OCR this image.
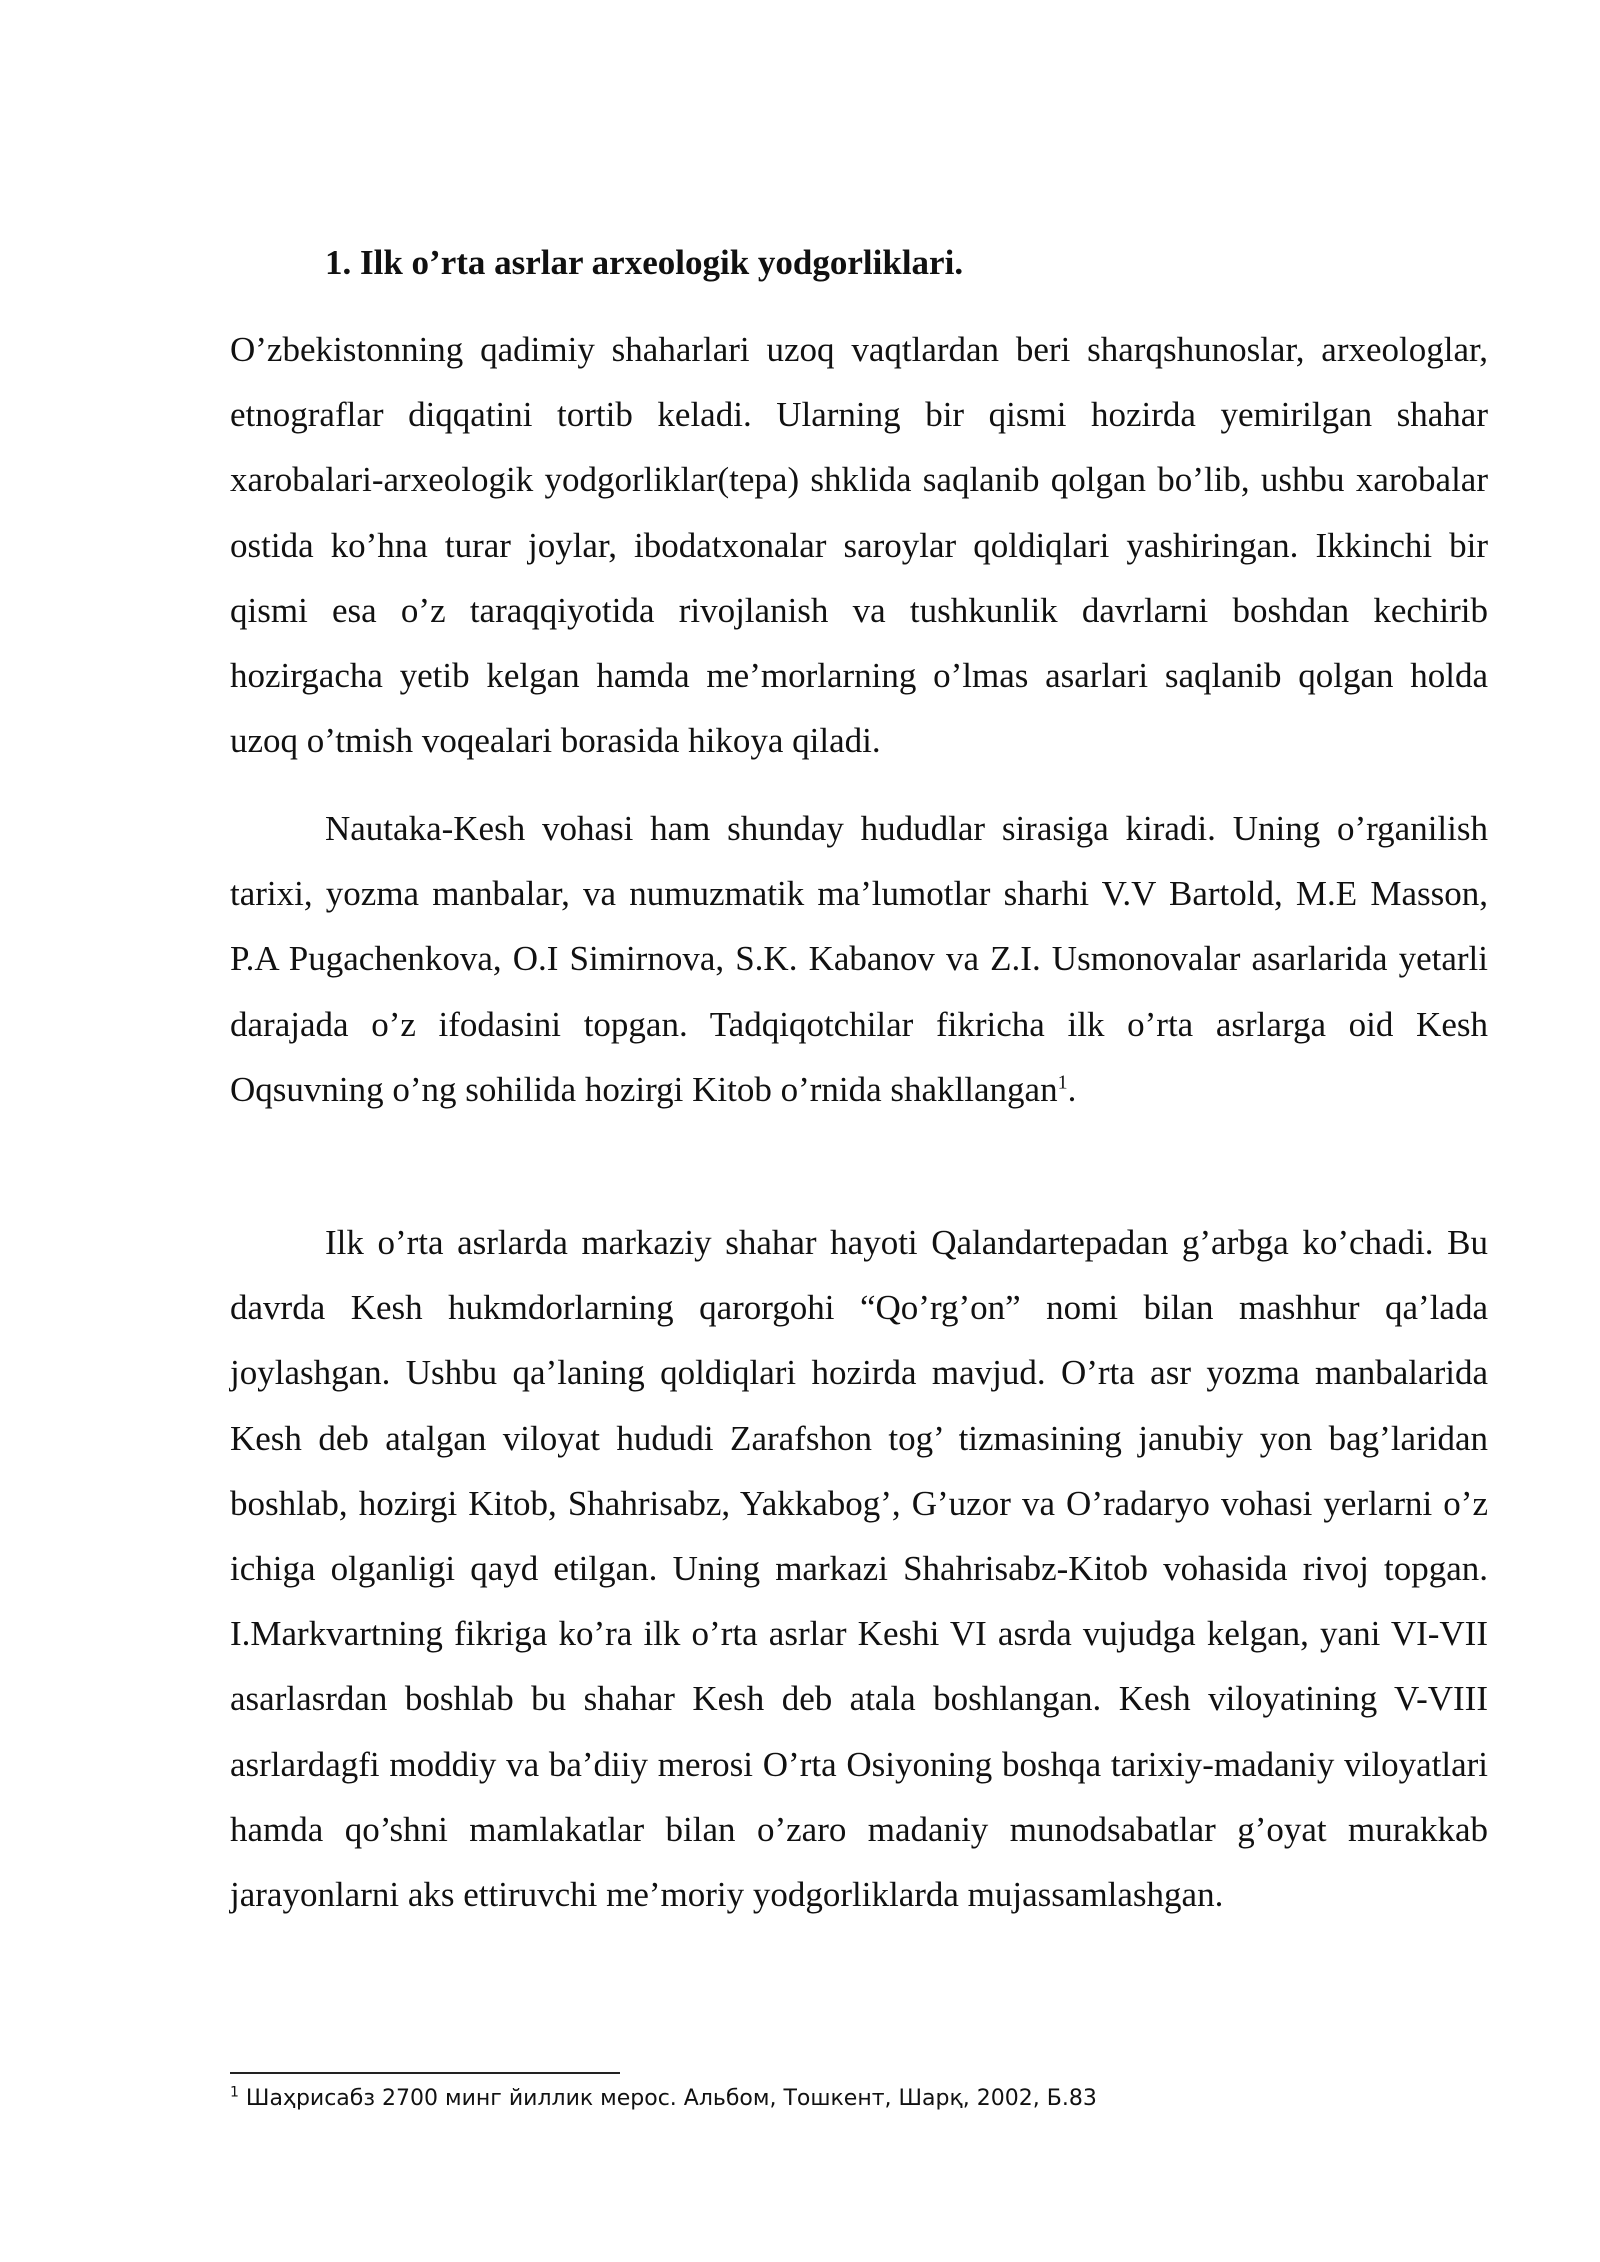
1. Ilk o’rta asrlar arxeologik yodgorliklari.

O’zbekistonning qadimiy shaharlari uzoq vaqtlardan beri sharqshunoslar, arxeologlar, etnograflar diqqatini tortib keladi. Ularning bir qismi hozirda yemirilgan shahar xarobalari-arxeologik yodgorliklar(tepa) shklida saqlanib qolgan bo’lib, ushbu xarobalar ostida ko’hna turar joylar, ibodatxonalar saroylar qoldiqlari yashiringan. Ikkinchi bir qismi esa o’z taraqqiyotida rivojlanish va tushkunlik davrlarni boshdan kechirib hozirgacha yetib kelgan hamda me’morlarning o’lmas asarlari saqlanib qolgan holda uzoq o’tmish voqealari borasida hikoya qiladi.

Nautaka-Kesh vohasi ham shunday hududlar sirasiga kiradi. Uning o’rganilish tarixi, yozma manbalar, va numuzmatik ma’lumotlar sharhi V.V Bartold, M.E Masson, P.A Pugachenkova, O.I Simirnova, S.K. Kabanov va Z.I. Usmonovalar asarlarida yetarli darajada o’z ifodasini topgan. Tadqiqotchilar fikricha ilk o’rta asrlarga oid Kesh Oqsuvning o’ng sohilida hozirgi Kitob o’rnida shakllangan$^1$.

Ilk o’rta asrlarda markaziy shahar hayoti Qalandartepadan g’arbga ko’chadi. Bu davrda Kesh hukmdorlarning qarorgohi “Qo’rg’on” nomi bilan mashhur qa’lada joylashgan. Ushbu qa’laning qoldiqlari hozirda mavjud. O’rta asr yozma manbalarida Kesh deb atalgan viloyat hududi Zarafshon tog’ tizmasining janubiy yon bag’laridan boshlab, hozirgi Kitob, Shahrisabz, Yakkabog’, G’uzor va O’radaryo vohasi yerlarni o’z ichiga olganligi qayd etilgan. Uning markazi Shahrisabz-Kitob vohasida rivoj topgan. I.Markvartning fikriga ko’ra ilk o’rta asrlar Keshi VI asrda vujudga kelgan, yani VI-VII asarlasrdan boshlab bu shahar Kesh deb atala boshlangan. Kesh viloyatining V-VIII asrlardagfi moddiy va ba’diiy merosi O’rta Osiyoning boshqa tarixiy-madaniy viloyatlari hamda qo’shni mamlakatlar bilan o’zaro madaniy munodsabatlar g’oyat murakkab jarayonlarni aks ettiruvchi me’moriy yodgorliklarda mujassamlashgan.

$^1$ Шаҳрисабз 2700 минг йиллик мерос. Альбом, Тошкент, Шарқ, 2002, Б.83
